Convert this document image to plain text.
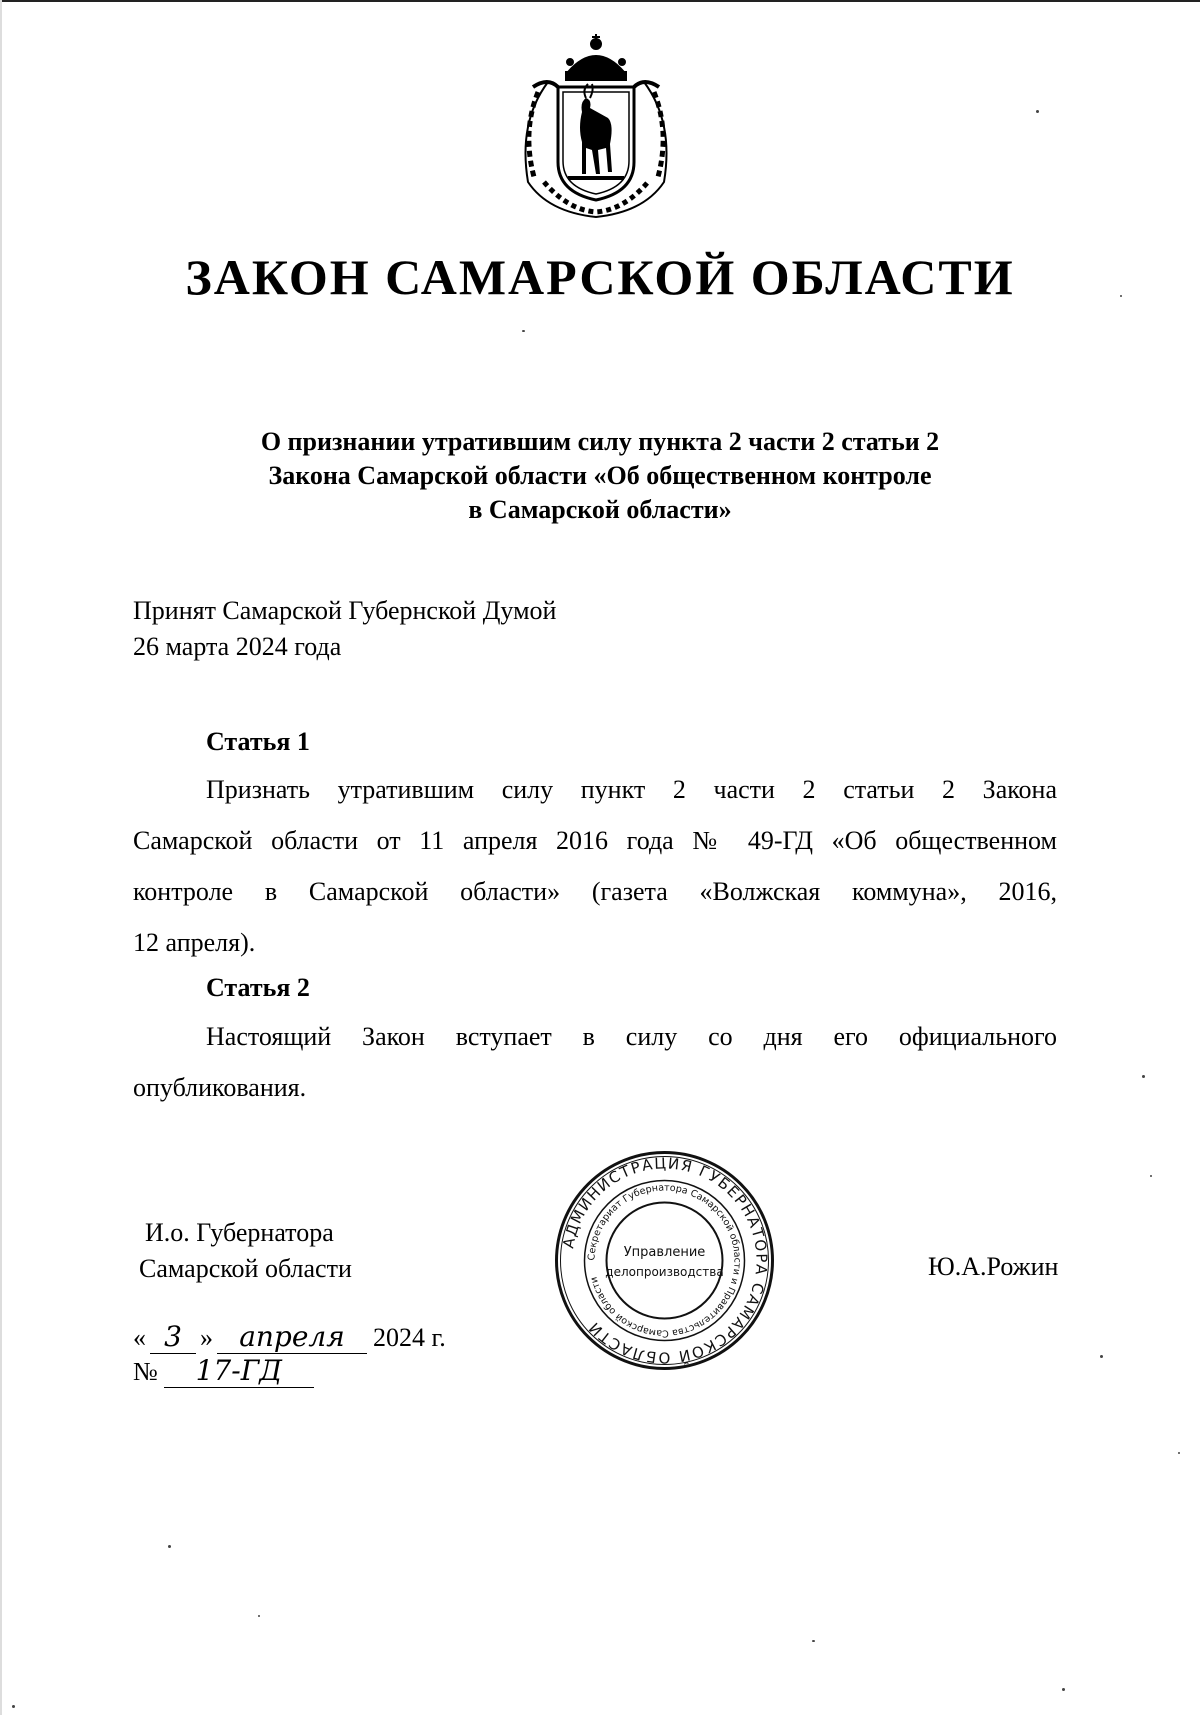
ЗАКОН САМАРСКОЙ ОБЛАСТИ
О признании утратившим силу пункта 2 части 2 статьи 2
Закона Самарской области «Об общественном контроле
в Самарской области»
Принят Самарской Губернской Думой
26 марта 2024 года
Статья 1
Признать утратившим силу пункт 2 части 2 статьи 2 Закона
Самарской области от 11 апреля 2016 года № 49-ГД «Об общественном
контроле в Самарской области» (газета «Волжская коммуна», 2016,
12 апреля).
Статья 2
Настоящий Закон вступает в силу со дня его официального
опубликования.
И.о. Губернатора
Самарской области
АДМИНИСТРАЦИЯ ГУБЕРНАТОРА САМАРСКОЙ ОБЛАСТИ
Секретариат Губернатора Самарской области и Правительства Самарской области
Управление
делопроизводства	Ю.А.Рожин
« 3 » апреля 2024 г.
№ 17-ГД
